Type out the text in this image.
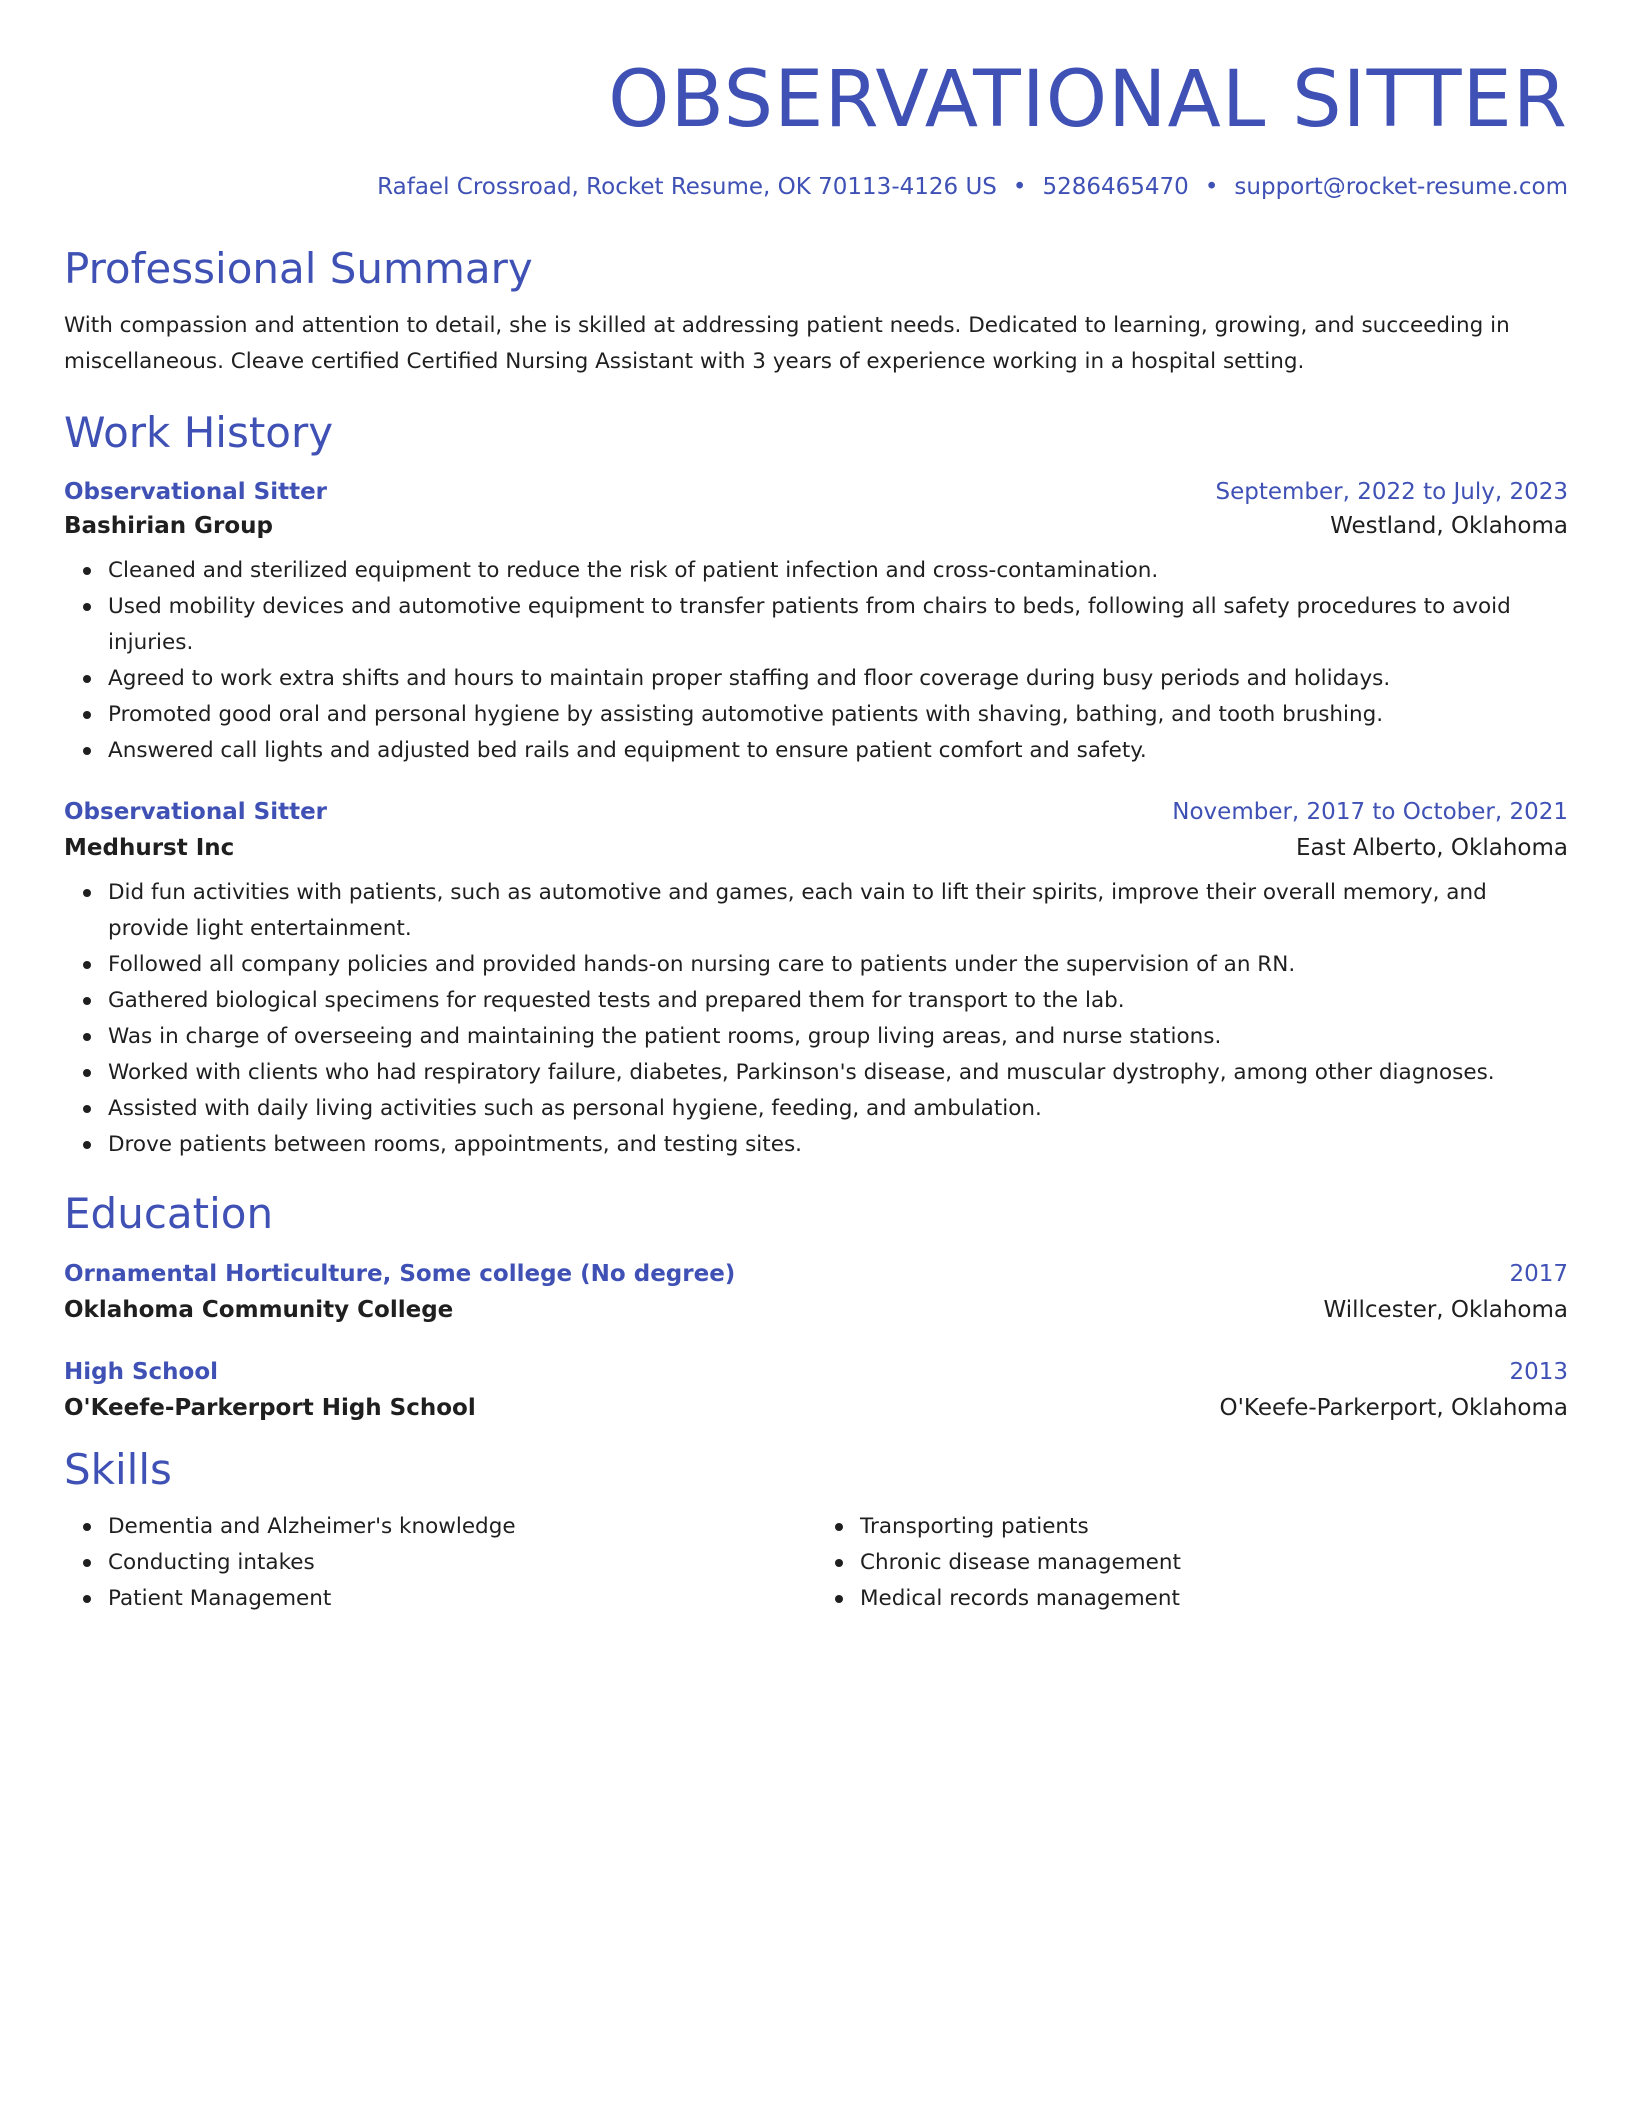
OBSERVATIONAL SITTER
Rafael Crossroad, Rocket Resume, OK 70113-4126 US • 5286465470 • support@rocket-resume.com
Professional Summary

With compassion and attention to detail, she is skilled at addressing patient needs. Dedicated to learning, growing, and succeeding in miscellaneous. Cleave certified Certified Nursing Assistant with 3 years of experience working in a hospital setting.

Work History
Observational Sitter	September, 2022 to July, 2023
Bashirian Group	Westland, Oklahoma
Cleaned and sterilized equipment to reduce the risk of patient infection and cross-contamination.
Used mobility devices and automotive equipment to transfer patients from chairs to beds, following all safety procedures to avoid injuries.
Agreed to work extra shifts and hours to maintain proper staffing and floor coverage during busy periods and holidays.
Promoted good oral and personal hygiene by assisting automotive patients with shaving, bathing, and tooth brushing.
Answered call lights and adjusted bed rails and equipment to ensure patient comfort and safety.
Observational Sitter	November, 2017 to October, 2021
Medhurst Inc	East Alberto, Oklahoma
Did fun activities with patients, such as automotive and games, each vain to lift their spirits, improve their overall memory, and provide light entertainment.
Followed all company policies and provided hands-on nursing care to patients under the supervision of an RN.
Gathered biological specimens for requested tests and prepared them for transport to the lab.
Was in charge of overseeing and maintaining the patient rooms, group living areas, and nurse stations.
Worked with clients who had respiratory failure, diabetes, Parkinson's disease, and muscular dystrophy, among other diagnoses.
Assisted with daily living activities such as personal hygiene, feeding, and ambulation.
Drove patients between rooms, appointments, and testing sites.
Education
Ornamental Horticulture, Some college (No degree)	2017
Oklahoma Community College	Willcester, Oklahoma
High School	2013
O'Keefe-Parkerport High School	O'Keefe-Parkerport, Oklahoma
Skills
Dementia and Alzheimer's knowledge
Conducting intakes
Patient Management
Transporting patients
Chronic disease management
Medical records management
